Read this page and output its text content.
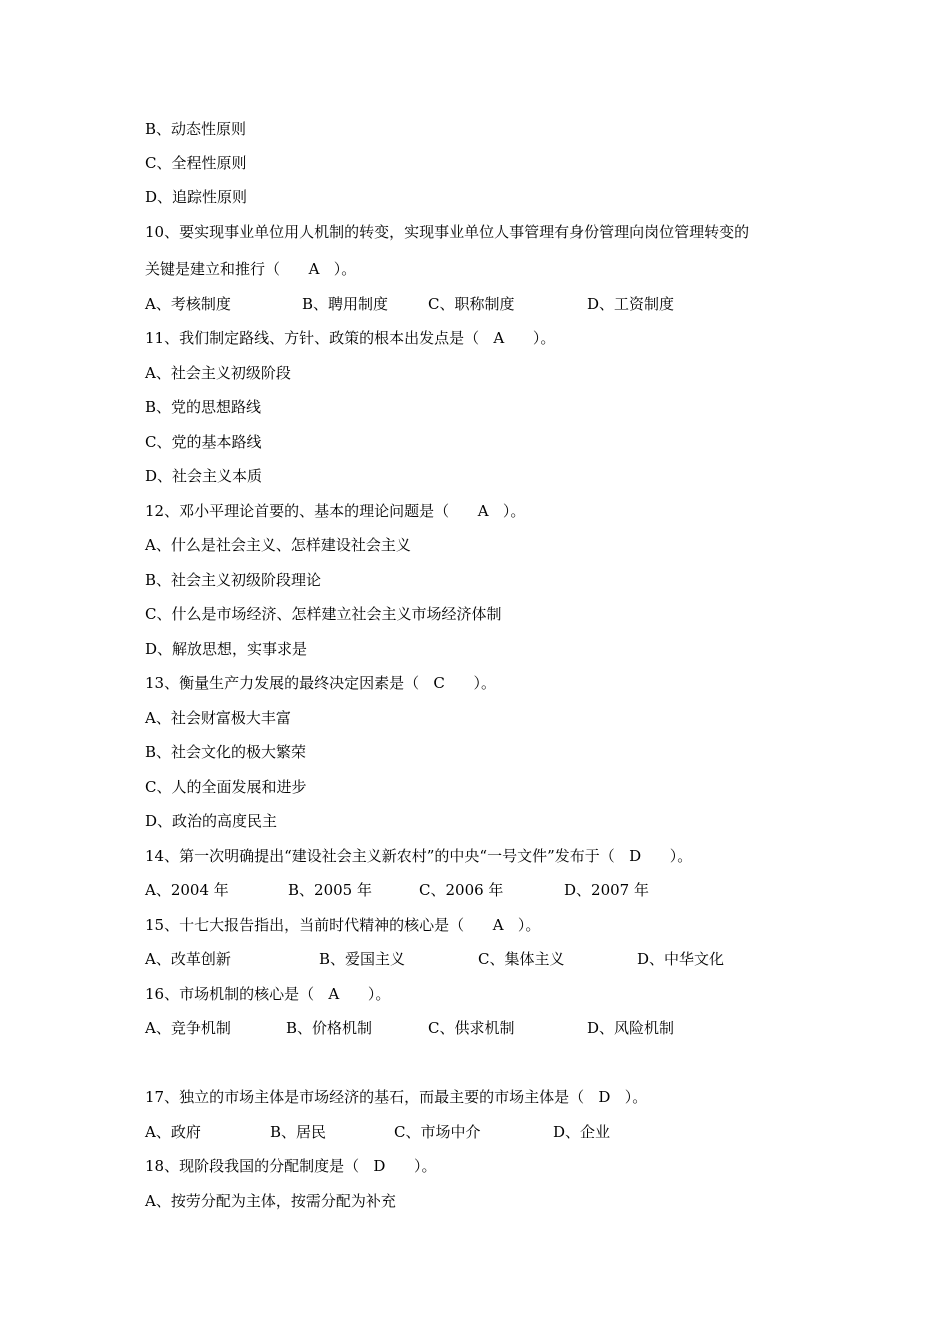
B、动态性原则
C、全程性原则
D、追踪性原则
10、要实现事业单位用人机制的转变，实现事业单位人事管理有身份管理向岗位管理转变的
关键是建立和推行（      A   ）。
A、考核制度	B、聘用制度	C、职称制度	D、工资制度
11、我们制定路线、方针、政策的根本出发点是（   A      ）。
A、社会主义初级阶段
B、党的思想路线
C、党的基本路线
D、社会主义本质
12、邓小平理论首要的、基本的理论问题是（      A   ）。
A、什么是社会主义、怎样建设社会主义
B、社会主义初级阶段理论
C、什么是市场经济、怎样建立社会主义市场经济体制
D、解放思想，实事求是
13、衡量生产力发展的最终决定因素是（   C      ）。
A、社会财富极大丰富
B、社会文化的极大繁荣
C、人的全面发展和进步
D、政治的高度民主
14、第一次明确提出“建设社会主义新农村”的中央“一号文件”发布于（   D      ）。
A、2004 年	B、2005 年	C、2006 年	D、2007 年
15、十七大报告指出，当前时代精神的核心是（      A   ）。
A、改革创新	B、爱国主义	C、集体主义	D、中华文化
16、市场机制的核心是（   A      ）。
A、竞争机制	B、价格机制	C、供求机制	D、风险机制
17、独立的市场主体是市场经济的基石，而最主要的市场主体是（   D   ）。
A、政府	B、居民	C、市场中介	D、企业
18、现阶段我国的分配制度是（   D      ）。
A、按劳分配为主体，按需分配为补充
